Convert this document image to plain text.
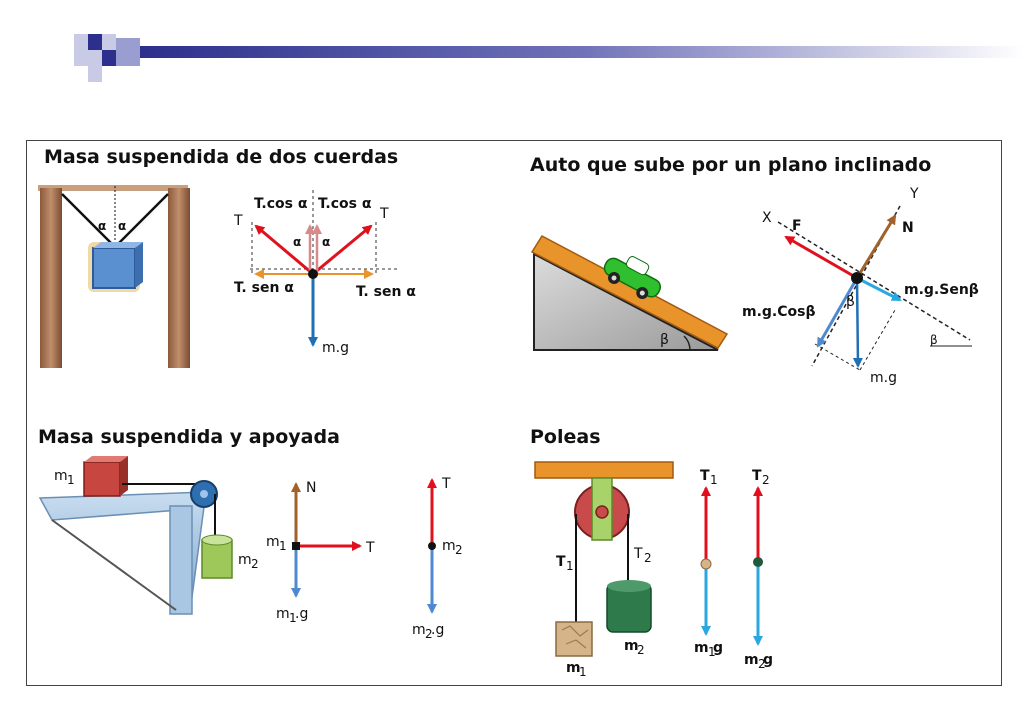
Masa suspendida de dos cuerdas	Auto que sube por un plano inclinado
Masa suspendida y apoyada	Poleas
α α	T	T
T.cos α T.cos α
α α
T. sen α	T. sen α
m.g	β	β
β
X
Y
F	N
m.g.Senβ
m.g.Cosβ
m.g
m 1
m 2
N
T
m 1
m 1
.g
T
m 2
m 2
.g
T 1
T 2
m
1
m
2
T 1
m 1
g
T 2
m 2
g
